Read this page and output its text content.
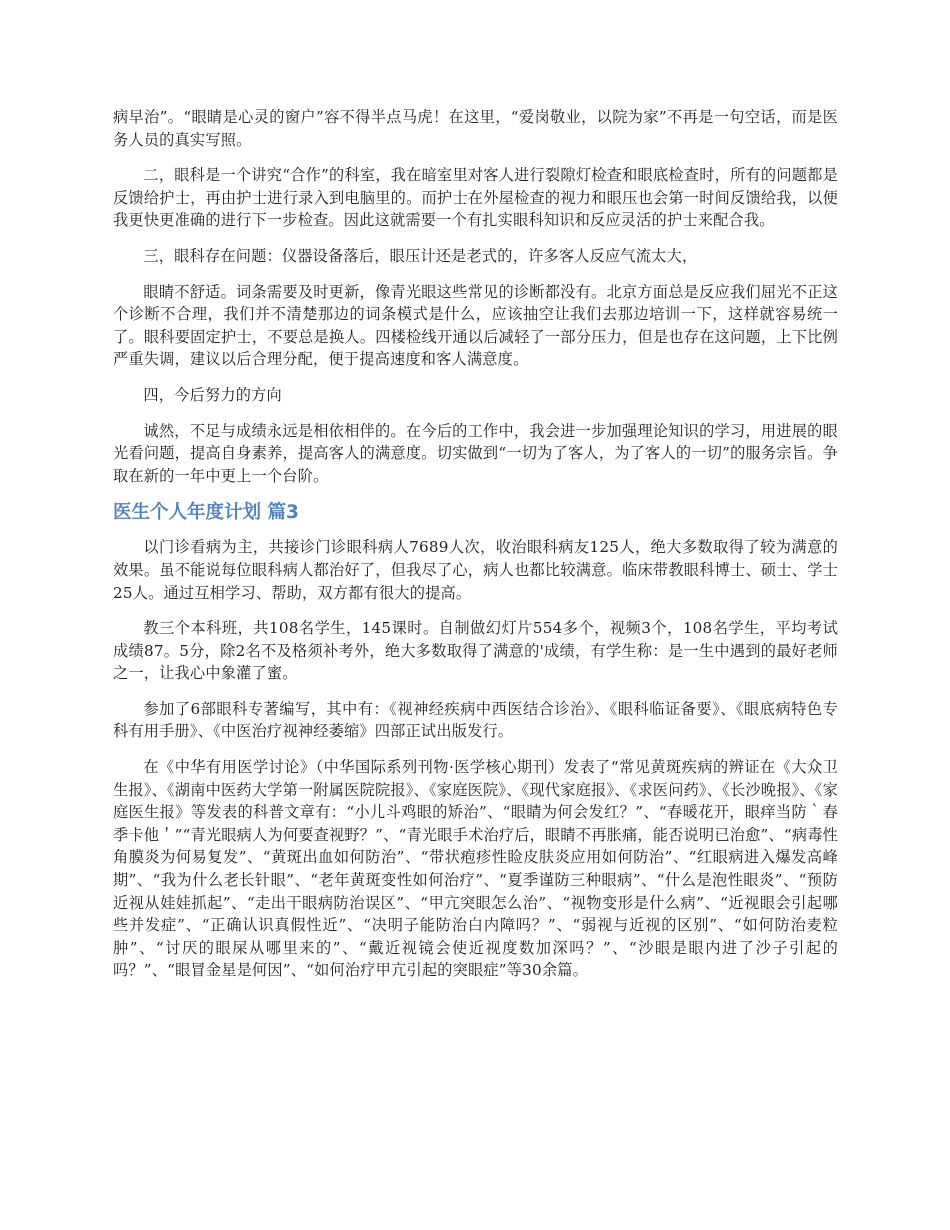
病早治”。“眼睛是心灵的窗户”容不得半点马虎！在这里，“爱岗敬业，以院为家”不再是一句空话，而是医务人员的真实写照。

二，眼科是一个讲究“合作”的科室，我在暗室里对客人进行裂隙灯检查和眼底检查时，所有的问题都是反馈给护士，再由护士进行录入到电脑里的。而护士在外屋检查的视力和眼压也会第一时间反馈给我，以便我更快更准确的进行下一步检查。因此这就需要一个有扎实眼科知识和反应灵活的护士来配合我。

三，眼科存在问题：仪器设备落后，眼压计还是老式的，许多客人反应气流太大，

眼睛不舒适。词条需要及时更新，像青光眼这些常见的诊断都没有。北京方面总是反应我们屈光不正这个诊断不合理，我们并不清楚那边的词条模式是什么，应该抽空让我们去那边培训一下，这样就容易统一了。眼科要固定护士，不要总是换人。四楼检线开通以后减轻了一部分压力，但是也存在这问题，上下比例严重失调，建议以后合理分配，便于提高速度和客人满意度。

四，今后努力的方向

诚然，不足与成绩永远是相依相伴的。在今后的工作中，我会进一步加强理论知识的学习，用进展的眼光看问题，提高自身素养，提高客人的满意度。切实做到“一切为了客人，为了客人的一切”的服务宗旨。争取在新的一年中更上一个台阶。

医生个人年度计划 篇3

以门诊看病为主，共接诊门诊眼科病人7689人次，收治眼科病友125人，绝大多数取得了较为满意的效果。虽不能说每位眼科病人都治好了，但我尽了心，病人也都比较满意。临床带教眼科博士、硕士、学士25人。通过互相学习、帮助，双方都有很大的提高。

教三个本科班，共108名学生，145课时。自制做幻灯片554多个，视频3个，108名学生，平均考试成绩87。5分，除2名不及格须补考外，绝大多数取得了满意的'成绩，有学生称：是一生中遇到的最好老师之一，让我心中象灌了蜜。

参加了6部眼科专著编写，其中有：《视神经疾病中西医结合诊治》、《眼科临证备要》、《眼底病特色专科有用手册》、《中医治疗视神经萎缩》四部正试出版发行。

在《中华有用医学讨论》（中华国际系列刊物·医学核心期刊）发表了“常见黄斑疾病的辨证在《大众卫生报》、《湖南中医药大学第一附属医院院报》、《家庭医院》、《现代家庭报》、《求医问药》、《长沙晚报》、《家庭医生报》等发表的科普文章有：“小儿斗鸡眼的矫治”、“眼睛为何会发红？”、“春暖花开，眼痒当防｀春季卡他＇”“青光眼病人为何要查视野？”、“青光眼手术治疗后，眼睛不再胀痛，能否说明已治愈”、“病毒性角膜炎为何易复发”、“黄斑出血如何防治”、“带状疱疹性睑皮肤炎应用如何防治”、“红眼病进入爆发高峰期”、“我为什么老长针眼”、“老年黄斑变性如何治疗”、“夏季谨防三种眼病”、“什么是泡性眼炎”、“预防近视从娃娃抓起”、“走出干眼病防治误区”、“甲亢突眼怎么治”、“视物变形是什么病”、“近视眼会引起哪些并发症”、“正确认识真假性近”、“决明子能防治白内障吗？”、“弱视与近视的区别”、“如何防治麦粒肿”、“讨厌的眼屎从哪里来的”、“戴近视镜会使近视度数加深吗？”、“沙眼是眼内进了沙子引起的吗？”、“眼冒金星是何因”、“如何治疗甲亢引起的突眼症”等30余篇。
